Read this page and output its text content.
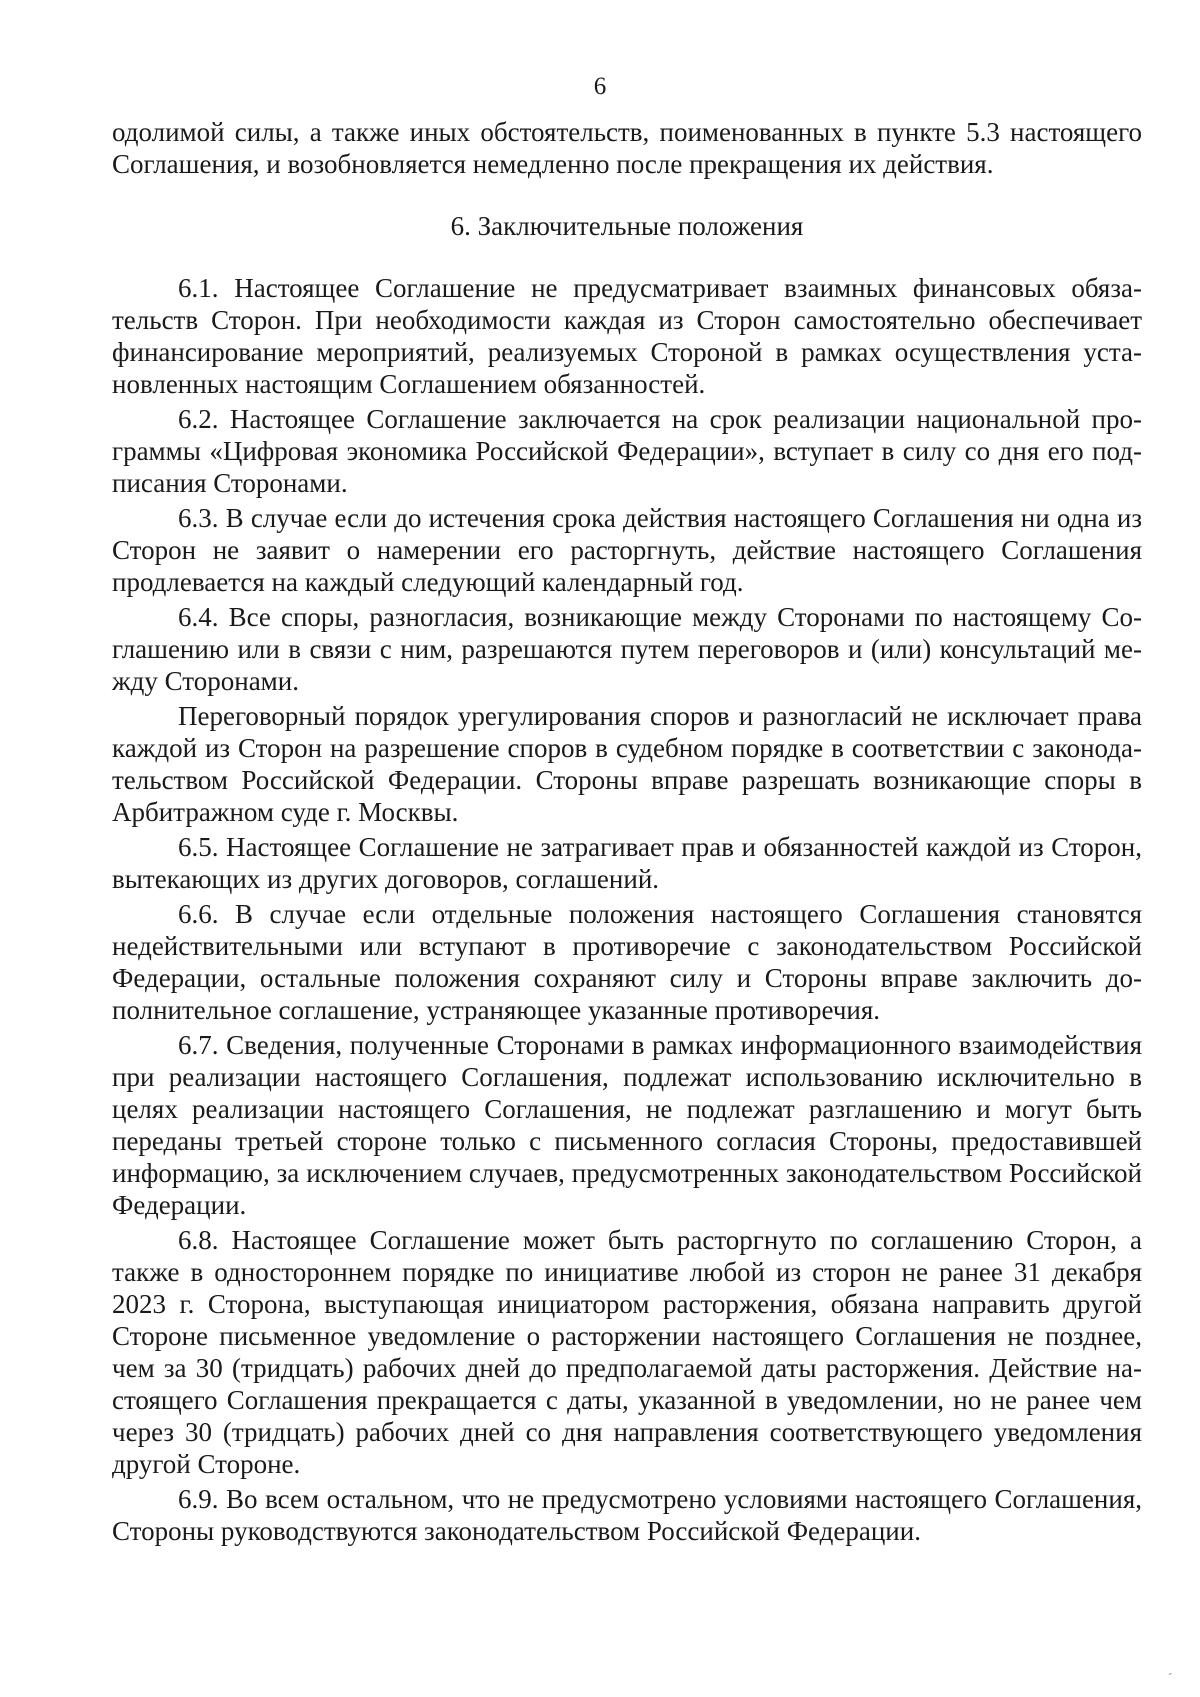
6

одолимой силы, а также иных обстоятельств, поименованных в пункте 5.3 настоящего Соглашения, и возобновляется немедленно после прекращения их действия.

6. Заключительные положения

6.1. Настоящее Соглашение не предусматривает взаимных финансовых обязательств Сторон. При необходимости каждая из Сторон самостоятельно обеспечивает финансирование мероприятий, реализуемых Стороной в рамках осуществления установленных настоящим Соглашением обязанностей.

6.2. Настоящее Соглашение заключается на срок реализации национальной программы «Цифровая экономика Российской Федерации», вступает в силу со дня его подписания Сторонами.

6.3. В случае если до истечения срока действия настоящего Соглашения ни одна из Сторон не заявит о намерении его расторгнуть, действие настоящего Соглашения продлевается на каждый следующий календарный год.

6.4. Все споры, разногласия, возникающие между Сторонами по настоящему Соглашению или в связи с ним, разрешаются путем переговоров и (или) консультаций между Сторонами.

Переговорный порядок урегулирования споров и разногласий не исключает права каждой из Сторон на разрешение споров в судебном порядке в соответствии с законодательством Российской Федерации. Стороны вправе разрешать возникающие споры в Арбитражном суде г. Москвы.

6.5. Настоящее Соглашение не затрагивает прав и обязанностей каждой из Сторон, вытекающих из других договоров, соглашений.

6.6. В случае если отдельные положения настоящего Соглашения становятся недействительными или вступают в противоречие с законодательством Российской Федерации, остальные положения сохраняют силу и Стороны вправе заключить дополнительное соглашение, устраняющее указанные противоречия.

6.7. Сведения, полученные Сторонами в рамках информационного взаимодействия при реализации настоящего Соглашения, подлежат использованию исключительно в целях реализации настоящего Соглашения, не подлежат разглашению и могут быть переданы третьей стороне только с письменного согласия Стороны, предоставившей информацию, за исключением случаев, предусмотренных законодательством Российской Федерации.

6.8. Настоящее Соглашение может быть расторгнуто по соглашению Сторон, а также в одностороннем порядке по инициативе любой из сторон не ранее 31 декабря 2023 г. Сторона, выступающая инициатором расторжения, обязана направить другой Стороне письменное уведомление о расторжении настоящего Соглашения не позднее, чем за 30 (тридцать) рабочих дней до предполагаемой даты расторжения. Действие настоящего Соглашения прекращается с даты, указанной в уведомлении, но не ранее чем через 30 (тридцать) рабочих дней со дня направления соответствующего уведомления другой Стороне.

6.9. Во всем остальном, что не предусмотрено условиями настоящего Соглашения, Стороны руководствуются законодательством Российской Федерации.

`
